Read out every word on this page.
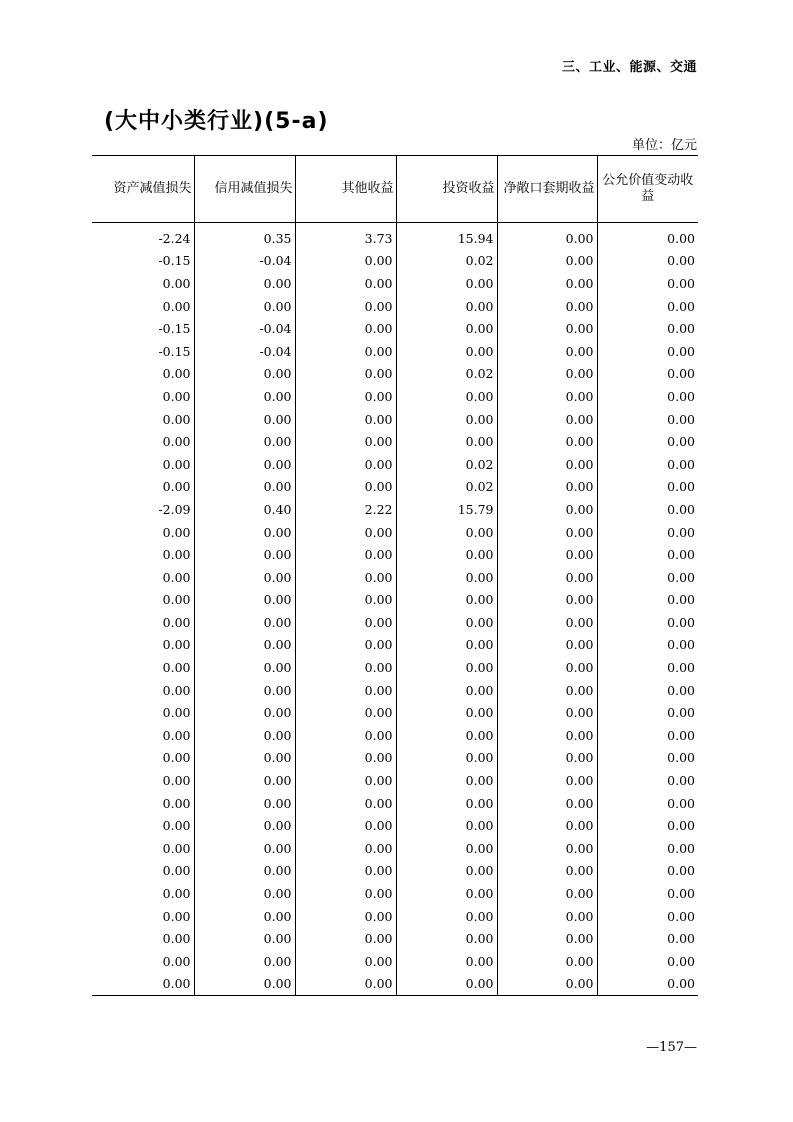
三、工业、能源、交通
(大中小类行业)(5-a)
单位：亿元
资产减值损失	信用减值损失	其他收益	投资收益	净敞口套期收益	公允价值变动收益
-2.24	0.35	3.73	15.94	0.00	0.00
-0.15	-0.04	0.00	0.02	0.00	0.00
0.00	0.00	0.00	0.00	0.00	0.00
0.00	0.00	0.00	0.00	0.00	0.00
-0.15	-0.04	0.00	0.00	0.00	0.00
-0.15	-0.04	0.00	0.00	0.00	0.00
0.00	0.00	0.00	0.02	0.00	0.00
0.00	0.00	0.00	0.00	0.00	0.00
0.00	0.00	0.00	0.00	0.00	0.00
0.00	0.00	0.00	0.00	0.00	0.00
0.00	0.00	0.00	0.02	0.00	0.00
0.00	0.00	0.00	0.02	0.00	0.00
-2.09	0.40	2.22	15.79	0.00	0.00
0.00	0.00	0.00	0.00	0.00	0.00
0.00	0.00	0.00	0.00	0.00	0.00
0.00	0.00	0.00	0.00	0.00	0.00
0.00	0.00	0.00	0.00	0.00	0.00
0.00	0.00	0.00	0.00	0.00	0.00
0.00	0.00	0.00	0.00	0.00	0.00
0.00	0.00	0.00	0.00	0.00	0.00
0.00	0.00	0.00	0.00	0.00	0.00
0.00	0.00	0.00	0.00	0.00	0.00
0.00	0.00	0.00	0.00	0.00	0.00
0.00	0.00	0.00	0.00	0.00	0.00
0.00	0.00	0.00	0.00	0.00	0.00
0.00	0.00	0.00	0.00	0.00	0.00
0.00	0.00	0.00	0.00	0.00	0.00
0.00	0.00	0.00	0.00	0.00	0.00
0.00	0.00	0.00	0.00	0.00	0.00
0.00	0.00	0.00	0.00	0.00	0.00
0.00	0.00	0.00	0.00	0.00	0.00
0.00	0.00	0.00	0.00	0.00	0.00
0.00	0.00	0.00	0.00	0.00	0.00
0.00	0.00	0.00	0.00	0.00	0.00
—157—
